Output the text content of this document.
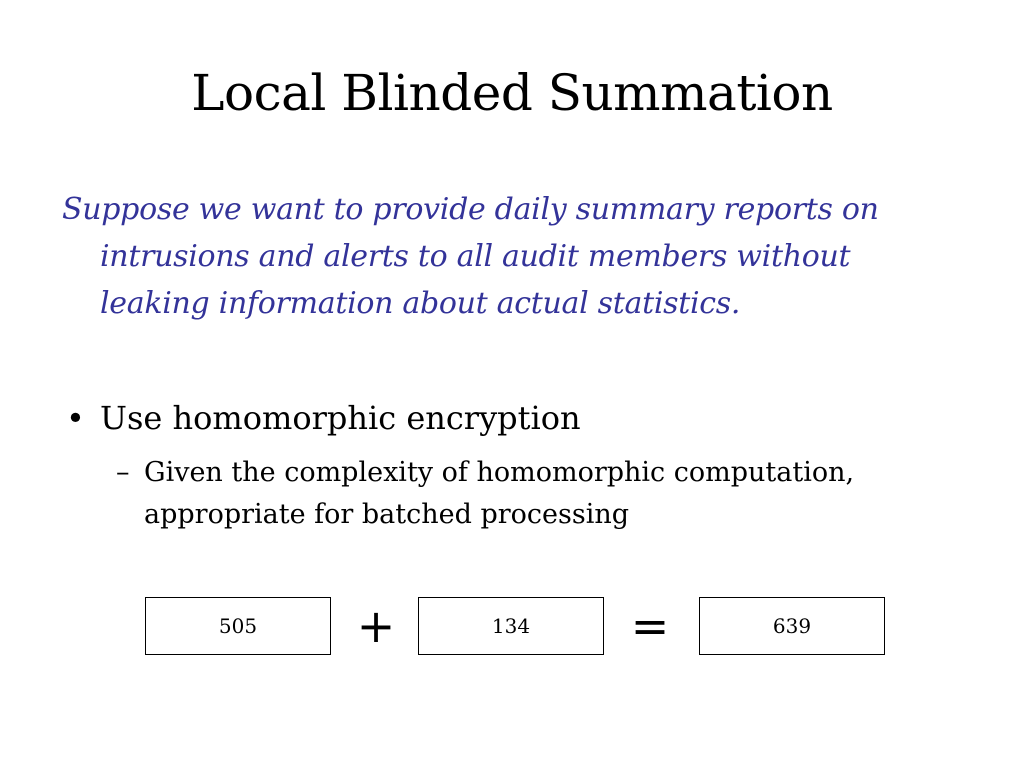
Local Blinded Summation
Suppose we want to provide daily summary reports on intrusions and alerts to all audit members without leaking information about actual statistics.
• Use homomorphic encryption
– Given the complexity of homomorphic computation, appropriate for batched processing
505	+	134	=	639
